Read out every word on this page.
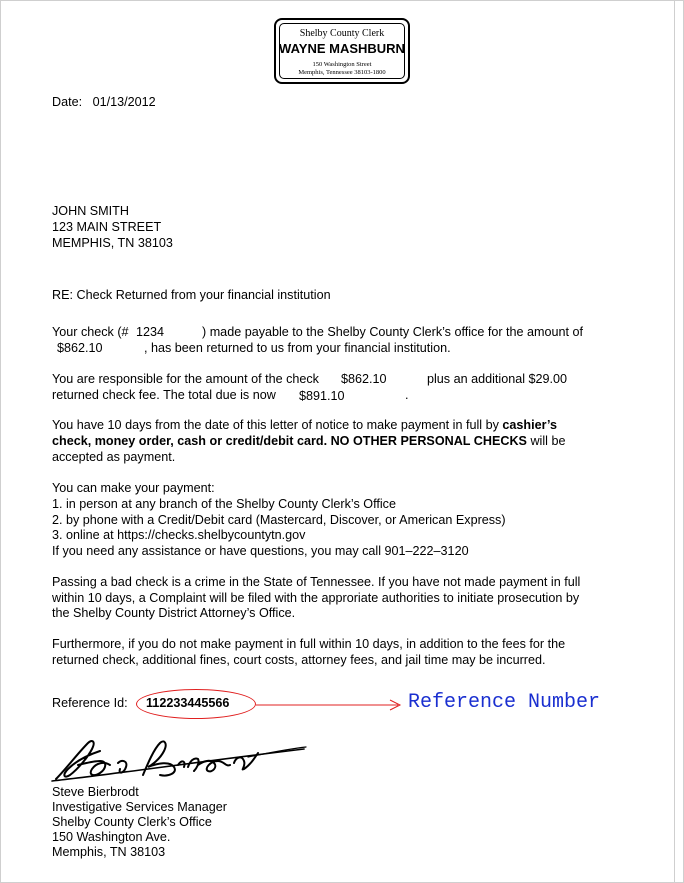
Shelby County Clerk
WAYNE MASHBURN
150 Washington Street
Memphis, Tennessee 38103-1800
Date: 01/13/2012
JOHN SMITH
123 MAIN STREET
MEMPHIS, TN 38103
RE: Check Returned from your financial institution
Your check (# 1234	) made payable to the Shelby County Clerk’s office for the amount of
$862.10	, has been returned to us from your financial institution.
You are responsible for the amount of the check $862.10	plus an additional $29.00
returned check fee. The total due is now $891.10	.
You have 10 days from the date of this letter of notice to make payment in full by cashier’s
check, money order, cash or credit/debit card. NO OTHER PERSONAL CHECKS will be
accepted as payment.
You can make your payment:
1. in person at any branch of the Shelby County Clerk’s Office
2. by phone with a Credit/Debit card (Mastercard, Discover, or American Express)
3. online at https://checks.shelbycountytn.gov
If you need any assistance or have questions, you may call 901–222–3120
Passing a bad check is a crime in the State of Tennessee. If you have not made payment in full
within 10 days, a Complaint will be filed with the approriate authorities to initiate prosecution by
the Shelby County District Attorney’s Office.
Furthermore, if you do not make payment in full within 10 days, in addition to the fees for the
returned check, additional fines, court costs, attorney fees, and jail time may be incurred.
Reference Id: 112233445566	Reference Number
Steve Bierbrodt
Investigative Services Manager
Shelby County Clerk’s Office
150 Washington Ave.
Memphis, TN 38103
